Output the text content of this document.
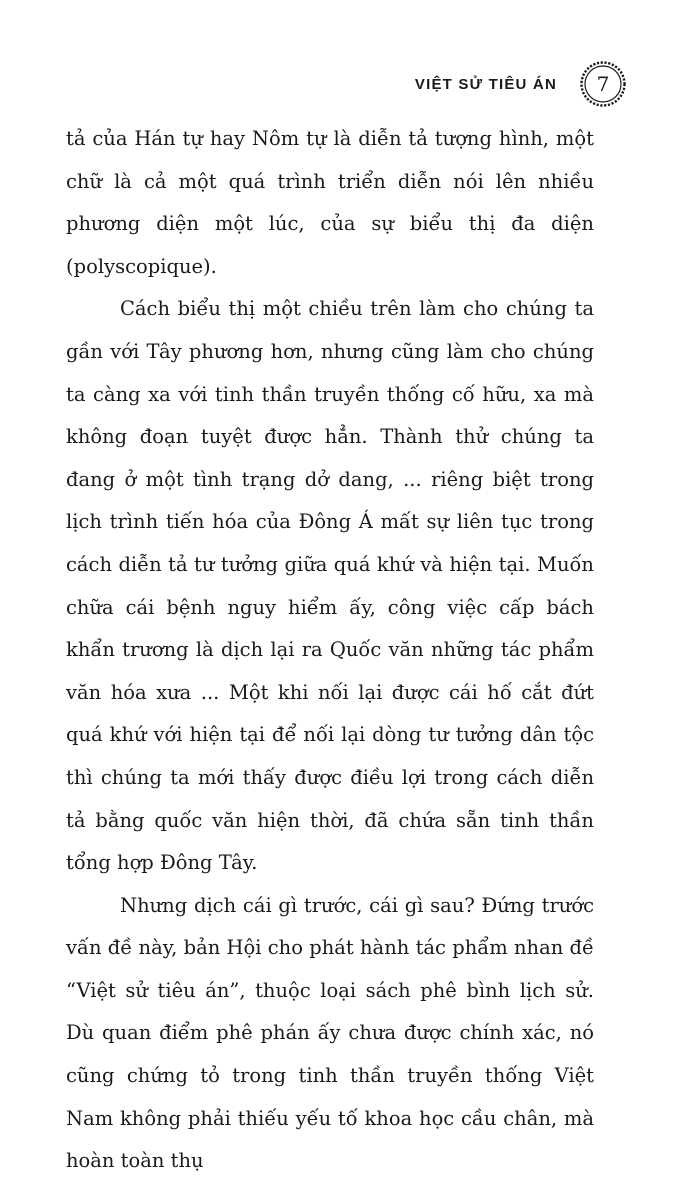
VIỆT SỬ TIÊU ÁN 7

tả của Hán tự hay Nôm tự là diễn tả tượng hình, một chữ là cả một quá trình triển diễn nói lên nhiều phương diện một lúc, của sự biểu thị đa diện (polyscopique).

Cách biểu thị một chiều trên làm cho chúng ta gần với Tây phương hơn, nhưng cũng làm cho chúng ta càng xa với tinh thần truyền thống cố hữu, xa mà không đoạn tuyệt được hẳn. Thành thử chúng ta đang ở một tình trạng dở dang, ... riêng biệt trong lịch trình tiến hóa của Đông Á mất sự liên tục trong cách diễn tả tư tưởng giữa quá khứ và hiện tại. Muốn chữa cái bệnh nguy hiểm ấy, công việc cấp bách khẩn trương là dịch lại ra Quốc văn những tác phẩm văn hóa xưa ... Một khi nối lại được cái hố cắt đứt quá khứ với hiện tại để nối lại dòng tư tưởng dân tộc thì chúng ta mới thấy được điều lợi trong cách diễn tả bằng quốc văn hiện thời, đã chứa sẵn tinh thần tổng hợp Đông Tây.

Nhưng dịch cái gì trước, cái gì sau? Đứng trước vấn đề này, bản Hội cho phát hành tác phẩm nhan đề “Việt sử tiêu án”, thuộc loại sách phê bình lịch sử. Dù quan điểm phê phán ấy chưa được chính xác, nó cũng chứng tỏ trong tinh thần truyền thống Việt Nam không phải thiếu yếu tố khoa học cầu chân, mà hoàn toàn thụ
